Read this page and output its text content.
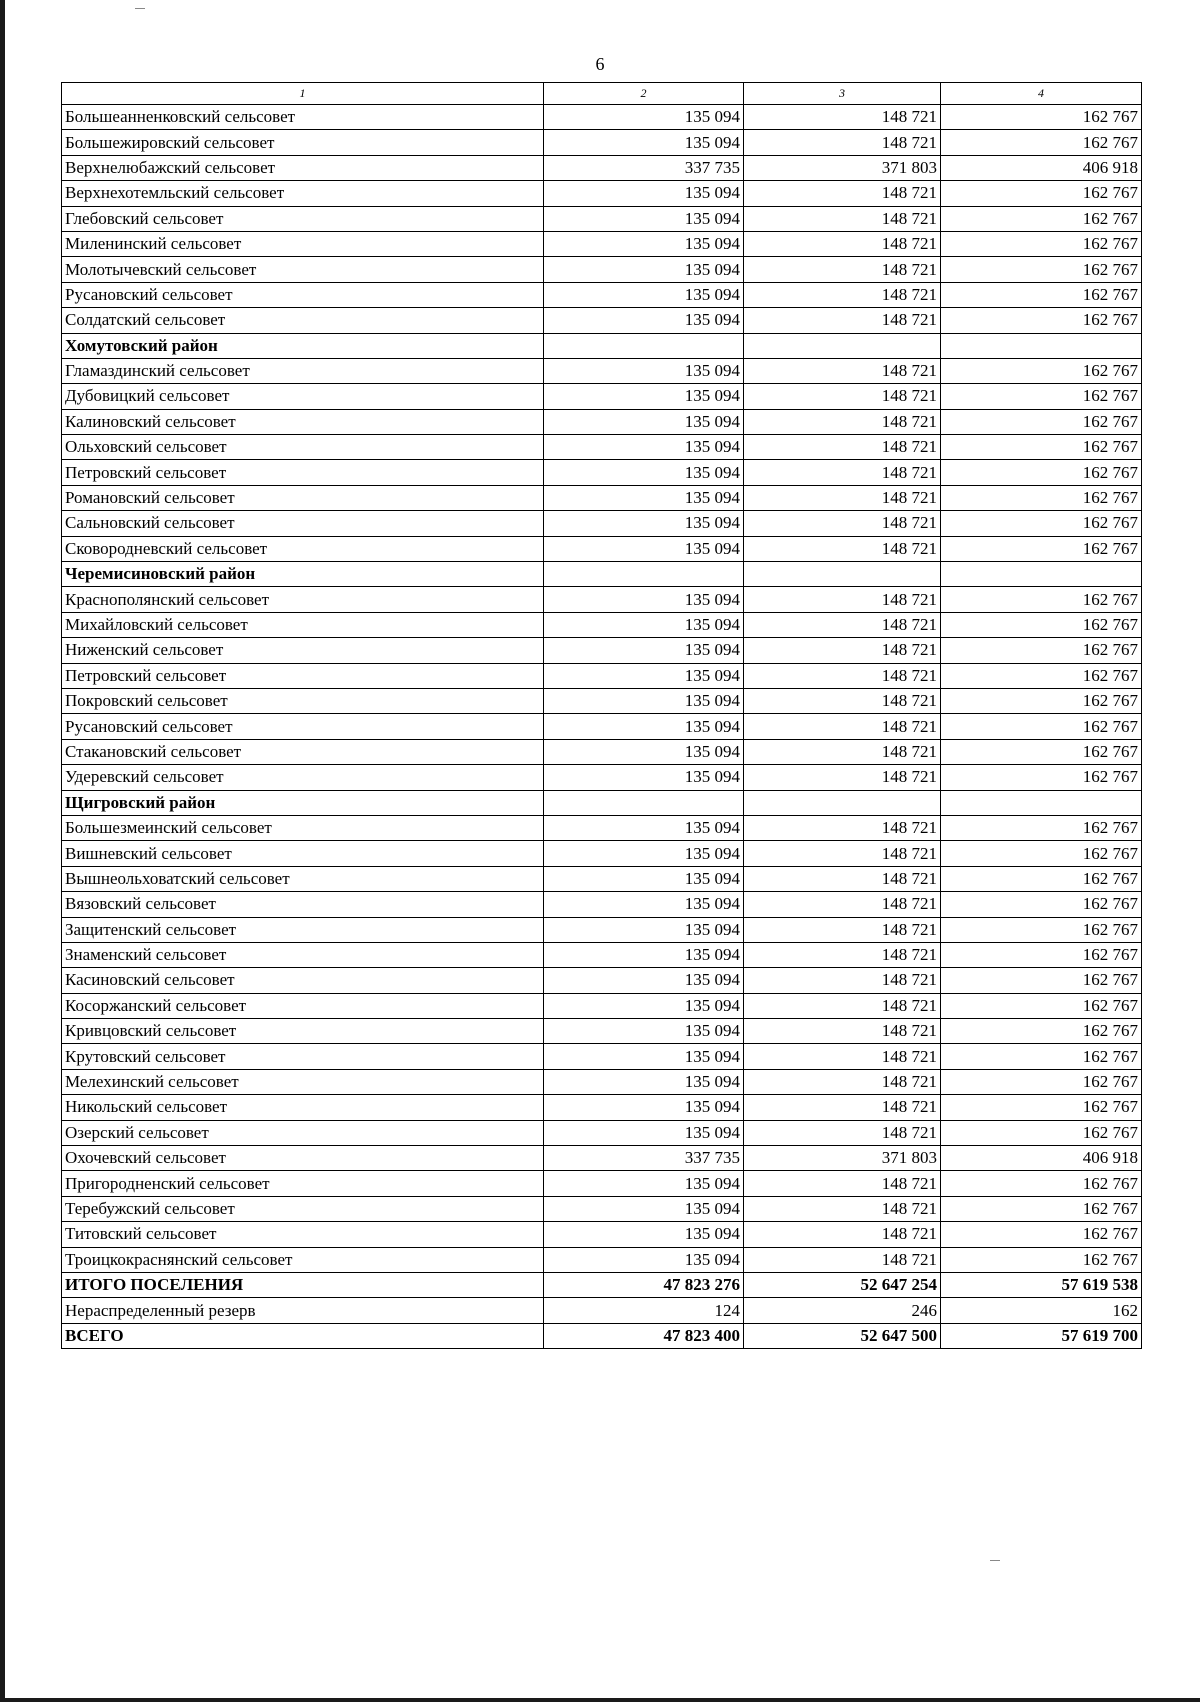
6
1	2	3	4
Большеанненковский сельсовет	135 094	148 721	162 767
Большежировский сельсовет	135 094	148 721	162 767
Верхнелюбажский сельсовет	337 735	371 803	406 918
Верхнехотемльский сельсовет	135 094	148 721	162 767
Глебовский сельсовет	135 094	148 721	162 767
Миленинский сельсовет	135 094	148 721	162 767
Молотычевский сельсовет	135 094	148 721	162 767
Русановский сельсовет	135 094	148 721	162 767
Солдатский сельсовет	135 094	148 721	162 767
Хомутовский район			
Гламаздинский сельсовет	135 094	148 721	162 767
Дубовицкий сельсовет	135 094	148 721	162 767
Калиновский сельсовет	135 094	148 721	162 767
Ольховский сельсовет	135 094	148 721	162 767
Петровский сельсовет	135 094	148 721	162 767
Романовский сельсовет	135 094	148 721	162 767
Сальновский сельсовет	135 094	148 721	162 767
Сковородневский сельсовет	135 094	148 721	162 767
Черемисиновский район			
Краснополянский сельсовет	135 094	148 721	162 767
Михайловский сельсовет	135 094	148 721	162 767
Ниженский сельсовет	135 094	148 721	162 767
Петровский сельсовет	135 094	148 721	162 767
Покровский сельсовет	135 094	148 721	162 767
Русановский сельсовет	135 094	148 721	162 767
Стакановский сельсовет	135 094	148 721	162 767
Удеревский сельсовет	135 094	148 721	162 767
Щигровский район			
Большезмеинский сельсовет	135 094	148 721	162 767
Вишневский сельсовет	135 094	148 721	162 767
Вышнеольховатский сельсовет	135 094	148 721	162 767
Вязовский сельсовет	135 094	148 721	162 767
Защитенский сельсовет	135 094	148 721	162 767
Знаменский сельсовет	135 094	148 721	162 767
Касиновский сельсовет	135 094	148 721	162 767
Косоржанский сельсовет	135 094	148 721	162 767
Кривцовский сельсовет	135 094	148 721	162 767
Крутовский сельсовет	135 094	148 721	162 767
Мелехинский сельсовет	135 094	148 721	162 767
Никольский сельсовет	135 094	148 721	162 767
Озерский сельсовет	135 094	148 721	162 767
Охочевский сельсовет	337 735	371 803	406 918
Пригородненский сельсовет	135 094	148 721	162 767
Теребужский сельсовет	135 094	148 721	162 767
Титовский сельсовет	135 094	148 721	162 767
Троицкокраснянский сельсовет	135 094	148 721	162 767
ИТОГО ПОСЕЛЕНИЯ	47 823 276	52 647 254	57 619 538
Нераспределенный резерв	124	246	162
ВСЕГО	47 823 400	52 647 500	57 619 700
